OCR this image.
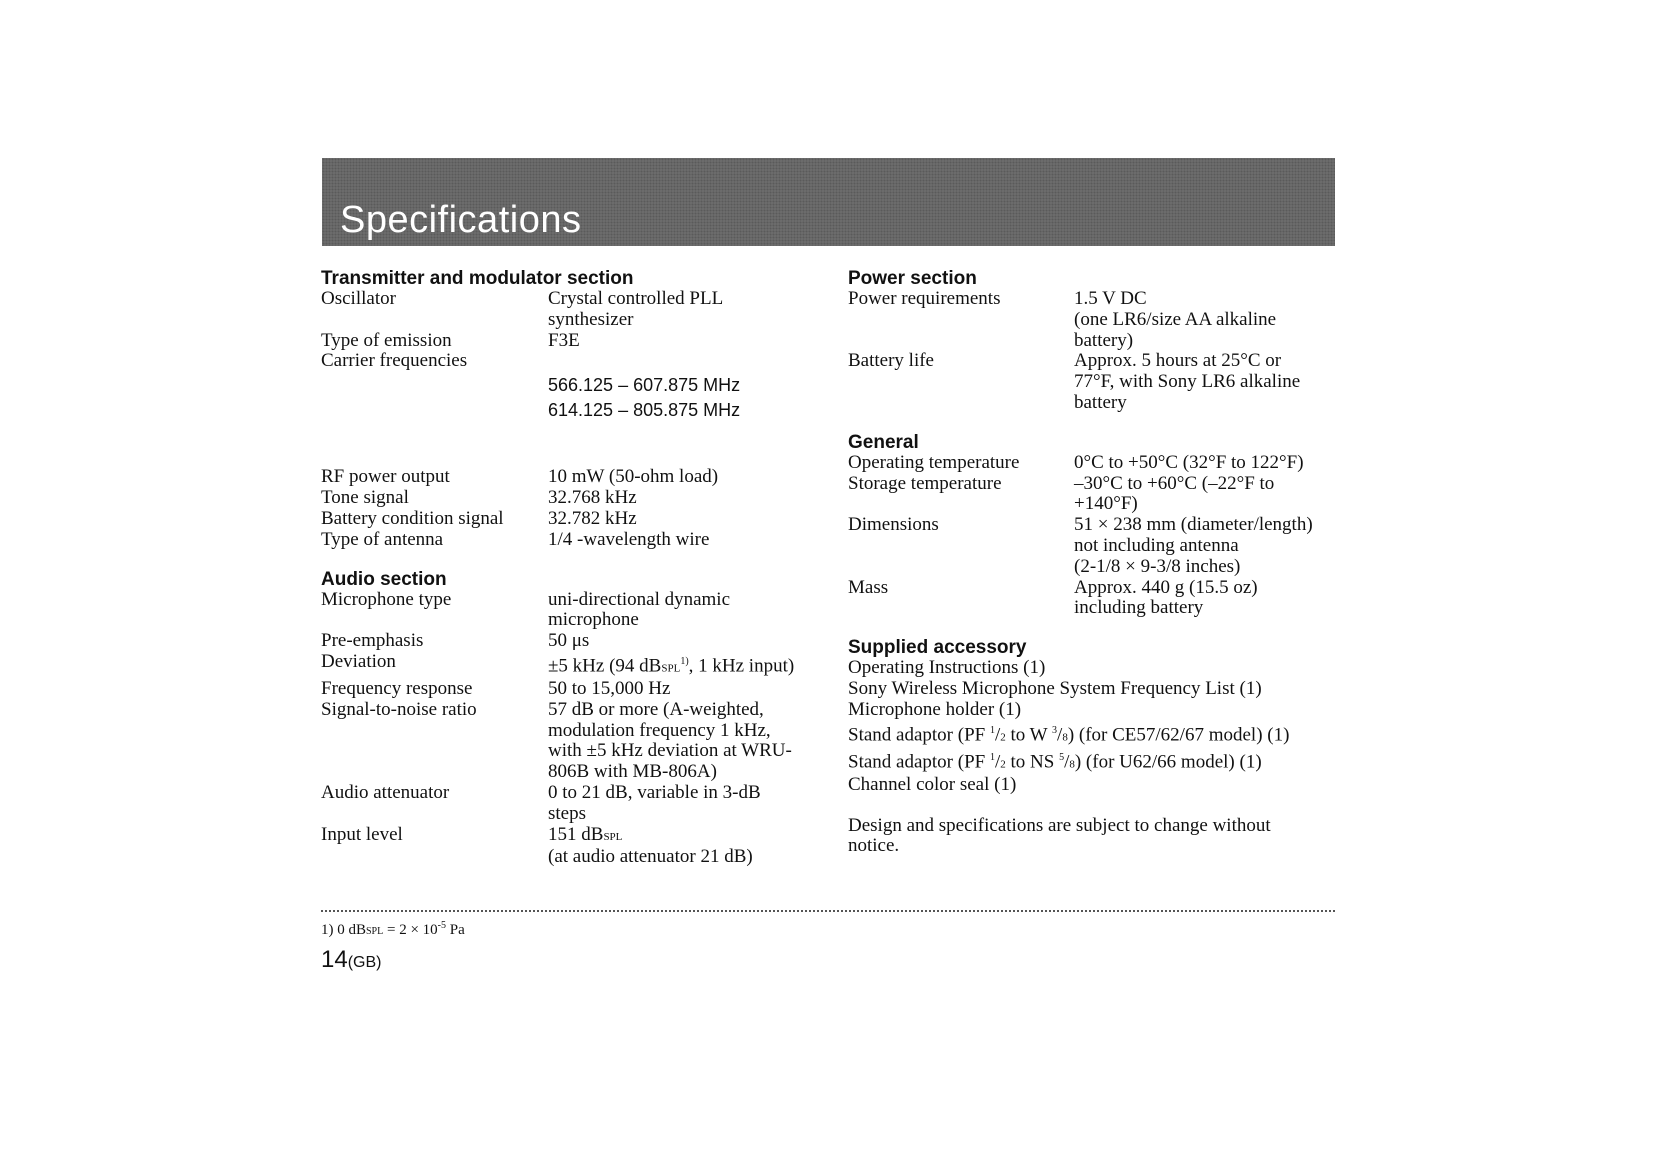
Specifications
Transmitter and modulator section
Oscillator	Crystal controlled PLL
synthesizer
Type of emission	F3E
Carrier frequencies
566.125 – 607.875 MHz
614.125 – 805.875 MHz
RF power output	10 mW (50-ohm load)
Tone signal	32.768 kHz
Battery condition signal	32.782 kHz
Type of antenna	1/4 -wavelength wire
Audio section
Microphone type	uni-directional dynamic
microphone
Pre-emphasis	50 μs
Deviation	±5 kHz (94 dBSPL$^{1)}$, 1 kHz input)
Frequency response	50 to 15,000 Hz
Signal-to-noise ratio	57 dB or more (A-weighted,
modulation frequency 1 kHz,
with ±5 kHz deviation at WRU-
806B with MB-806A)
Audio attenuator	0 to 21 dB, variable in 3-dB
steps
Input level	151 dBSPL
(at audio attenuator 21 dB)
Power section
Power requirements	1.5 V DC
(one LR6/size AA alkaline
battery)
Battery life	Approx. 5 hours at 25°C or
77°F, with Sony LR6 alkaline
battery
General
Operating temperature	0°C to +50°C (32°F to 122°F)
Storage temperature	–30°C to +60°C (–22°F to
+140°F)
Dimensions	51 × 238 mm (diameter/length)
not including antenna
(2-1/8 × 9-3/8 inches)
Mass	Approx. 440 g (15.5 oz)
including battery
Supplied accessory
Operating Instructions (1)
Sony Wireless Microphone System Frequency List (1)
Microphone holder (1)
Stand adaptor (PF $^1$/2 to W $^3$/8) (for CE57/62/67 model) (1)
Stand adaptor (PF $^1$/2 to NS $^5$/8) (for U62/66 model) (1)
Channel color seal (1)
Design and specifications are subject to change without
notice.
1) 0 dBSPL = $2 \times 10^{-5}$ Pa
14(GB)
